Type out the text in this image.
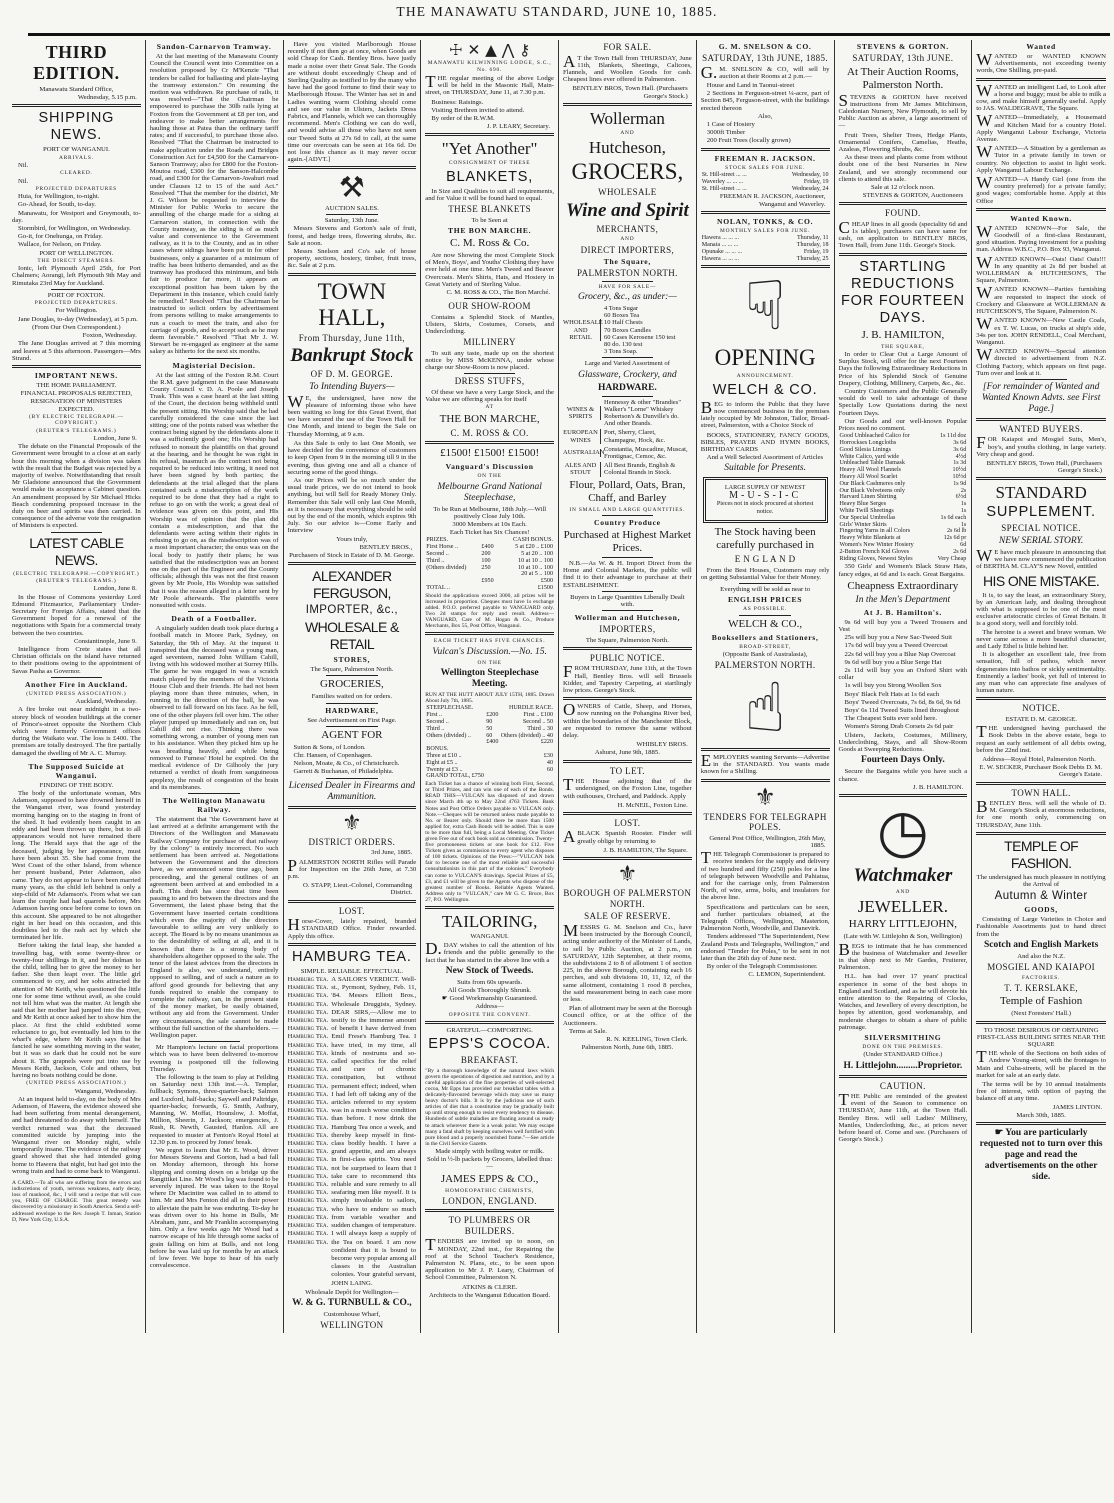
THE MANAWATU STANDARD, JUNE 10, 1885.
THIRD EDITION.
Manawatu Standard Office,
Wednesday, 5.15 p.m.
SHIPPING NEWS.
PORT OF WANGANUI.
ARRIVALS.
Nil.
CLEARED.
Nil.
PROJECTED DEPARTURES
Huia, for Wellington, to-night.
Go-Ahead, for South, to-day.
Manawatu, for Westport and Greymouth, to-day.
Stormbird, for Wellington, on Wednesday.
Go-it, for Onehunga, on Friday.
Wallace, for Nelson, on Friday.
PORT OF WELLINGTON.
THE DIRECT STEAMERS.
Ionic, left Plymouth April 25th, for Port Chalmers; Aorangi, left Plymouth 9th May and Rimutaka 23rd May for Auckland.
PORT OF FOXTON.
PROJECTED DEPARTURES.
For Wellington.
Jane Douglas, to-day (Wednesday), at 5 p.m.
(From Our Own Correspondent.)
Foxton, Wednesday.
The Jane Douglas arrived at 7 this morning and leaves at 5 this afternoon. Passengers—Mrs Strand.
IMPORTANT NEWS.
THE HOME PARLIAMENT.
FINANCIAL PROPOSALS REJECTED,
RESIGNATION OF MINISTERS EXPECTED.
(BY ELECTRIC TELEGRAPH.—COPYRIGHT.)
(REUTER'S TELEGRAMS.)
London, June 9.
The debate on the Financial Proposals of the Government were brought to a close at an early hour this morning when a division was taken with the result that the Budget was rejected by a majority of twelve. Notwithstanding that result Mr Gladstone announced that the Government would make its acceptance a Cabinet question. An amendment proposed by Sir Michael Hicks Beach condemning proposed increase in the duty on beer and spirits was then carried. In consequence of the adverse vote the resignation of Ministers is expected.
LATEST CABLE NEWS.
(ELECTRIC TELEGRAPH.—COPYRIGHT.)
(REUTER'S TELEGRAMS.)
London, June 8.
In the House of Commons yesterday Lord Edmund Fitzmaurice, Parliamentary Under-Secretary for Foreign Affairs, stated that the Government hoped for a renewal of the negotiations with Spain for a commercial treaty between the two countries.
Constantinople, June 9.
Intelligence from Crete states that all Christian officials on the island have returned to their positions owing to the appointment of Savas Pasha as Governor.
Another Fire in Auckland.
(UNITED PRESS ASSOCIATION.)
Auckland, Wednesday.
A fire broke out near midnight in a two-storey block of wooden buildings at the corner of Prince's-street opposite the Northern Club which were formerly Government offices during the Waikato war. The loss is £400. The premises are totally destroyed. The fire partially damaged the dwelling of Mr A. C. Murray.
The Supposed Suicide at Wanganui.
FINDING OF THE BODY.
The body of the unfortunate woman, Mrs Adamson, supposed to have drowned herself in the Wanganui river, was found yesterday morning hanging on to the staging in front of the shed. It had evidently been caught in an eddy and had been thrown up there, but to all appearances would not have remained there long. The Herald says that the age of the deceased, judging by her appearance, must have been about 35. She had come from the West Coast of the other Island, from whence her present husband, Peter Adamson, also came. They do not appear to have been married many years, as the child left behind is only a step-child of Mr Adamson's. From what we can learn the couple had had quarrels before, Mrs Adamson having once before come to town on this account. She appeared to be not altogether right in her head on this occasion, and this doubtless led to the rash act by which she terminated her life.
Before taking the fatal leap, she handed a travelling bag, with some twenty-three or twenty-four shillings in it, and her dolman to the child, telling her to give the money to her father. She then leapt over. The little girl commenced to cry, and her sobs attracted the attention of Mr Keith, who questioned the little one for some time without avail, as she could not tell him what was the matter. At length she said that her mother had jumped into the river, and Mr Keith at once asked her to show him the place. At first the child exhibited some reluctance to go, but eventually led him to the wharf's edge, where Mr Keith says that he fancied he saw something moving in the water, but it was so dark that he could not be sure about it. The grapnels were put into use by Messrs Keith, Jackson, Cole and others, but having no boats nothing could be done.
(UNITED PRESS ASSOCIATION.)
Wanganui, Wednesday.
At an inquest held to-day, on the body of Mrs Adamson, of Hawera, the evidence showed she had been suffering from mental derangement, and had threatened to do away with herself. The verdict returned was that the deceased committed suicide by jumping into the Wanganui river on Monday night, while temporarily insane. The evidence of the railway guard showed that she had intended going home to Hawera that night, but had got into the wrong train and had to come back to Wanganui.
A CARD.—To all who are suffering from the errors and indiscretions of youth, nervous weakness, early decay, loss of manhood, &c., I will send a recipe that will cure you, FREE OF CHARGE. This great remedy was discovered by a missionary in South America. Send a self-addressed envelope to the Rev. Joseph T. Inman, Station D, New York City, U.S.A.
Sandon-Carnarvon Tramway.
At the last meeting of the Manawatu County Council the Council went into Committee on a resolution proposed by Cr M'Kenzie "That tenders be called for ballasting and plate-laying the tramway extension." On resuming the motion was withdrawn. Re purchase of rails, it was resolved—"That the Chairman be empowered to purchase the 30lb rails lying at Foxton from the Government at £8 per ton, and endeavor to make better arrangements for hauling those at Patea than the ordinary tariff rates; and if successful, to purchase those also. Resolved "That the Chairman be instructed to make application under the Roads and Bridges Construction Act for £4,500 for the Carnarvon-Sanson Tramway; also for £800 for the Foxton-Moutoa road, £300 for the Sanson-Halcombe road, and £300 for the Carnarvon-Awahuri road under Clauses 12 to 15 of the said Act." Resolved "That the member for the district, Mr J. G. Wilson be requested to interview the Minister for Public Works to secure the annulling of the charge made for a siding at Carnarvon station, in connection with the County tramway, as the siding is of as much value and convenience to the Government railway, as it is to the County, and as in other cases where sidings have been put in for other businesses, only a guarantee of a minimum of traffic has been hitherto demanded, and as the tramway has produced this minimum, and bids fair to produce far more, it appears an exceptional position has been taken by the Department in this instance, which could fairly be remedied." Resolved "That the Chairman be instructed to solicit orders by advertisement from persons willing to make arrangements to run a coach to meet the train, and also for carriage of goods, and to accept such as he may deem favorable." Resolved "That Mr J. W. Stewart be re-engaged as engineer at the same salary as hitherto for the next six months.
Magisterial Decision.
At the last sitting of the Foxton R.M. Court the R.M. gave judgment in the case Manawatu County Council v. D. A. Poole and Joseph Trask. This was a case heard at the last sitting of the Court, the decision being withheld until the present sitting. His Worship said that he had carefully considered the case since the last sitting; one of the points raised was whether the contract being signed by the defendants alone it was a sufficiently good one; His Worship had refused to nonsuit the plaintiffs on that ground at the hearing, and he thought he was right in his refusal, inasmuch as the contract not being required to be reduced into writing, it need not have been signed by both parties; the defendants at the trial alleged that the plans contained such a misdescription of the work required to be done that they had a right to refuse to go on with the work; a great deal of evidence was given on this point, and His Worship was of opinion that the plan did contain a misdescription, and that the defendants were acting within their rights in refusing to go on, as the misdescription was of a most important character; the onus was on the local body to justify their plans; he was satisfied that the misdescription was an honest one on the part of the Engineer and the County officials; although this was not the first reason given by Mr Poole, His Worship was satisfied that it was the reason alleged in a letter sent by Mr Poole afterwards. The plaintiffs were nonsuited with costs.
Death of a Footballer.
A singularly sudden death took place during a football match in Moore Park, Sydney, on Saturday, the 9th of May. At the inquest it transpired that the deceased was a young man, aged seventeen, named John William Cahill, living with his widowed mother at Surrey Hills. The game he was engaged in was a scratch match played by the members of the Victoria House Club and their friends. He had not been playing more than three minutes, when, in running in the direction of the ball, he was observed to fall forward on his face. As he fell, one of the other players fell over him. The other player jumped up immediately and ran on, but Cahill did not rise. Thinking there was something wrong, a number of young men ran to his assistance. When they picked him up he was breathing heavily, and while being removed to Furness' Hotel he expired. On the medical evidence of Dr Gilhooly the jury returned a verdict of death from sanguineous apoplexy, the result of congestion of the brain and its membranes.
The Wellington Manawatu Railway.
The statement that "the Government have at last arrived at a definite arrangement with the Directors of the Wellington and Manawatu Railway Company for purchase of that railway by the colony" is entirely incorrect. No such settlement has been arrived at. Negotiations between the Government and the directors have, as we announced some time ago, been proceeding, and the general outlines of an agreement been arrived at and embodied in a draft. This draft has since that time been passing to and fro between the directors and the Government, the latest phase being that the Government have inserted certain conditions which even the majority of the directors favourable to selling are very unlikely to accept. The Board is by no means unanimous as to the desirability of selling at all, and it is known that there is a strong body of shareholders altogether opposed to the sale. The tenor of the latest advices from the directors in England is also, we understand, entirely opposed to selling, and of such a nature as to afford good grounds for believing that any funds required to enable the company to complete the railway, can, in the present state of the money market, be easily obtained, without any aid from the Government. Under any circumstances, the sale cannot be made without the full sanction of the shareholders. —Wellington paper.
Mr Hampton's lecture on facial proportions which was to have been delivered to-morrow evening is postponed till the following Thursday.
The following is the team to play at Feilding on Saturday next 13th inst.—A. Templar, fullback; Symons, three-quarter-back; Salmon and Luxford, half-backs; Saywell and Paltridge, quarter-backs; forwards, G. Smith, Astbury, Manning, W. Moffat, Hounslow, J. Moffat, Million, Sheerin, J. Jackson; emergencies, J. Rush, R. Newth, Gausted, Hanlon. All are requested to muster at Fenton's Royal Hotel at 12.30 p.m. to proceed by Jones' break.
We regret to learn that Mr E. Wood, driver for Messrs Stevens and Gorton, had a bad fall on Monday afternoon, through his horse slipping and coming down on a bridge up the Rangitikei Line. Mr Wood's leg was found to be severely injured. He was taken to the Royal where Dr Macintire was called in to attend to him. Mr and Mrs Fenton did all in their power to alleviate the pain he was enduring. To-day he was driven over to his home in Bulls, Mr Abraham, junr., and Mr Franklin accompanying him. Only a few weeks ago Mr Wood had a narrow escape of his life through some sacks of grain falling on him at Bulls, and not long before he was laid up for months by an attack of low fever. We hope to hear of his early convalescence.
Have you visited Marlborough House recently if not then go at once, when Goods are sold Cheap for Cash. Bentley Bros. have justly made a noise over their Great Sale. The Goods are without doubt exceedingly Cheap and of Sterling Quality as testified to by the many who have had the good fortune to find their way to Marlborough House. The Winter has set in and Ladies wanting warm Clothing should come and see our value in Ulsters, Jackets Dress Fabrics, and Flannels, which we can thoroughly recommend. Men's Clothing we can do well, and would advise all those who have not seen our Tweed Suits at 27s 6d to call, at the same time our overcoats can be seen at 16s 6d. Do not lose this chance as it may never occur again.-[ADVT.]
⚒
AUCTION SALES.
Saturday, 13th June.
Messrs Stevens and Gorton's sale of fruit, forest, and hedge trees, flowering shrubs, &c. Sale at noon.
Messrs Snelson and Co's sale of house property, sections, hosiery, timber, fruit trees, &c. Sale at 2 p.m.
TOWN HALL,
From Thursday, June 11th,
Bankrupt Stock
OF D. M. GEORGE.
To Intending Buyers—
WE, the undersigned, have now the pleasure of informing those who have been waiting so long for this Great Event, that we have secured the use of the Town Hall for One Month, and intend to begin the Sale on Thursday Morning, at 9 a.m.
As this Sale is only to last One Month, we have decided for the convenience of customers to keep Open from 9 in the morning till 9 in the evening, thus giving one and all a chance of securing some of the good things.
As our Prices will be so much under the usual trade prices, we do not intend to book anything, but will Sell for Ready Money Only. Remember this Sale will only last One Month, as it is necessary that everything should be sold out by the end of the month, which expires 9th July. So our advice is—Come Early and Interview
Yours truly,
BENTLEY BROS.,
Purchasers of Stock in Estate of D. M. George.
ALEXANDER FERGUSON,
IMPORTER, &c.,
WHOLESALE & RETAIL
STORES,
The Square, Palmerston North.
GROCERIES,
Families waited on for orders.
HARDWARE,
See Advertisement on First Page.
AGENT FOR
Sutton & Sons, of London.
Chr. Hansen, of Copenhagen.
Nelson, Moate, & Co., of Christchurch.
Garrett & Buchanan, of Philadelphia.
Licensed Dealer in Firearms and Ammunition.
⚜
DISTRICT ORDERS.
3rd June, 1885.
PALMERSTON NORTH Rifles will Parade for Inspection on the 26th June, at 7.30 p.m.
O. STAPP, Lieut.-Colonel, Commanding District.
LOST.
Horse-Cover, lately repaired, branded STANDARD Office. Finder rewarded. Apply this office.
HAMBURG TEA.
SIMPLE. RELIABLE. EFFECTUAL.
Hamburg Tea.
Hamburg Tea.
Hamburg Tea.
Hamburg Tea.
Hamburg Tea.
Hamburg Tea.
Hamburg Tea.
Hamburg Tea.
Hamburg Tea.
Hamburg Tea.
Hamburg Tea.
Hamburg Tea.
Hamburg Tea.
Hamburg Tea.
Hamburg Tea.
Hamburg Tea.
Hamburg Tea.
Hamburg Tea.
Hamburg Tea.
Hamburg Tea.
Hamburg Tea.
Hamburg Tea.
Hamburg Tea.
Hamburg Tea.
Hamburg Tea.
Hamburg Tea.
Hamburg Tea.
Hamburg Tea.
Hamburg Tea.
Hamburg Tea.
Hamburg Tea.
Hamburg Tea.
Hamburg Tea.
A SAILOR'S VERDICT. Well-st., Pyrmont, Sydney, Feb. 11, '84. Messrs Elliott Bros., Wholesale Druggists, Sydney. DEAR SIRS,—Allow me to testify to the immense amount of benefit I have derived from Emil Frese's Hamburg Tea. I have tried, in my time, all kinds of nostrums and so-called specifics for the relief and cure of chronic constipation, but without permanent effect; indeed, when I had left off taking any of the articles referred to my system was in a much worse condition than before. I now drink the Hamburg Tea once a week, and thereby keep myself in first-class bodily health. I have a grand appetite, and am always in first-class spirits. You need not be surprised to learn that I take care to recommend this reliable and sure remedy to all seafaring men like myself. It is simply invaluable to sailors, who have to endure so much from variable weather and sudden changes of temperature. I will always keep a supply of the Tea on board. I am now confident that it is bound to become very popular among all classes in the Australian colonies. Your grateful servant, JOHN LAING.
Wholesale Depôt for Wellington—
W. & G. TURNBULL & CO.,
Customhouse Wharf,
WELLINGTON
☩ ✕ ▲ ⋀ ⚷
MANAWATU KILWINNING LODGE, S.C., No. 690.
THE regular meeting of the above Lodge will be held in the Masonic Hall, Main-street, on THURSDAY, June 11, at 7.30 p.m.
Business: Raisings.
Visiting Brethren invited to attend.
By order of the R.W.M.
J. P. LEARY, Secretary.
"Yet Another"
CONSIGNMENT OF THESE
BLANKETS,
In Size and Qualities to suit all requirements, and for Value it will be found hard to equal.
THESE BLANKETS
To be Seen at
THE BON MARCHE.
C. M. Ross & Co.
Are now Showing the most Complete Stock of Men's, Boys', and Youths' Clothing they have ever held at one time. Men's Tweed and Beaver Overcoats. Men's Shirts, Hats, and Hosiery in Great Variety and of Sterling Value.
C. M. ROSS & CO., The Bon Marché.
OUR SHOW-ROOM
Contains a Splendid Stock of Mantles, Ulsters, Skirts, Costumes, Corsets, and Underclothing.
MILLINERY
To suit any taste, made up on the shortest notice by MISS McKENNA, under whose charge our Show-Room is now placed.
DRESS STUFFS,
Of these we have a very Large Stock, and the Value we are offering speaks for itself
AT
THE BON MARCHE,
C. M. ROSS & CO.
£1500! £1500! £1500!
Vanguard's Discussion
ON THE
Melbourne Grand National Steeplechase,
To be Run at Melbourne, 18th July.—Will positively Close July 10th.
3000 Members at 10s Each.
Each Ticket has Six Chances!
PRIZES.		CASH BONUS.
First Horse ..	£400	5 at £20 .. £100
Second ..	200	5 at 20 .. 100
Third ..	100	10 at 10 .. 100
(Others divided)	250	10 at 10 .. 100
		20 at 5 .. 100
	£950	£500
TOTAL ..		£1500
Should the applications exceed 3000, all prizes will be increased in proportion. Cheques must have 1s exchange added. P.O.O. preferred payable to VANGUARD only. Two 2d stamps for reply and result. Address—VANGUARD, Care of M. Hogan & Co., Produce Merchants, Box 55, Post Office, Wanganui.
EACH TICKET HAS FIVE CHANCES.
Vulcan's Discussion.—No. 15.
ON THE
Wellington Steeplechase Meeting.
RUN AT THE HUTT ABOUT JULY 15TH, 1885. Drawn About July 7th, 1885.
STEEPLECHASE.		HURDLE RACE.
First ..	£200	First .. £100
Second ..	90	Second .. 50
Third ..	50	Third .. 30
Others (divided) ..	60	Others (divided) .. 40
	£400	£220
BONUS.		
Three at £10 ..		£30
Eight at £5 ..		40
Twenty at £3 ..		60
GRAND TOTAL, £750		
Each Ticket has a chance of winning both First, Second, or Third Prizes, and can win one of each of the Bonds. READ THIS—VULCAN has disposed of and drawn since March 4th up to May 22nd 4763 Tickets. Bank Notes and Post Office Orders payable to VULCAN only. Note.—Cheques will be returned unless made payable to No. or Bearer only. Should there be more than 1500 applied for, extra Cash Bonds will be added. This is sure to be more than full, being a Local Meeting. One Ticket given Free out of each book sold as commission. Twenty-five promoneness tickets or one book for £12. Five Tickets given as commission to every agent who disposes of 100 tickets. Opinions of the Press:—"VULCAN bids fair to become one of the most reliable and successful consultationists in this part of the colonies." Everybody can come to VULCAN'S drawings. Special Prizes of £5, £3, and £1 will be given to the Agents who dispose of the greatest number of Books. Reliable Agents Wanted. Address only to "VULCAN," care Mr G. C. Bruce, Box 27, P.O. Wellington.
TAILORING,
WANGANUI.
D.DAY wishes to call the attention of his friends and the public generally to the fact that he has started in the above line with a
New Stock of Tweeds.
Suits from 60s upwards.
All Goods Thoroughly Shrunk.
☛ Good Workmanship Guaranteed.
Address—
OPPOSITE THE CONVENT.
GRATEFUL—COMFORTING.
EPPS'S COCOA.
BREAKFAST.
"By a thorough knowledge of the natural laws which govern the operations of digestion and nutrition, and by a careful application of the fine properties of well-selected cocoa, Mr Epps has provided our breakfast tables with a delicately-flavoured beverage which may save us many heavy doctor's bills. It is by the judicious use of such articles of diet that a constitution may be gradually built up until strong enough to resist every tendency to disease. Hundreds of subtle maladies are floating around us ready to attack wherever there is a weak point. We may escape many a fatal shaft by keeping ourselves well fortified with pure blood and a properly nourished frame."—See article in the Civil Service Gazette.
Made simply with boiling water or milk.
Sold in ½-lb packets by Grocers, labelled thus:—
JAMES EPPS & CO.,
HOMOEOPATHIC CHEMISTS,
LONDON, ENGLAND.
TO PLUMBERS OR BUILDERS.
TENDERS are invited up to noon, on MONDAY, 22nd inst., for Repairing the roof at the School Teacher's Residence, Palmerston N. Plans, etc., to be seen upon application to Mr J. P. Leary, Chairman of School Committee, Palmerston N.
ATKINS & CLERE.
Architects to the Wanganui Education Board.
FOR SALE.
AT the Town Hall from THURSDAY, June 11th, Blankets, Sheetings, Calicoes, Flannels, and Woollen Goods for cash. Cheapest lines ever offered in Palmerston.
BENTLEY BROS, Town Hall. (Purchasers George's Stock.)
Wollerman
AND
Hutcheson,
GROCERS,
WHOLESALE
Wine and Spirit
MERCHANTS,
AND
DIRECT IMPORTERS,
The Square,
PALMERSTON NORTH.
HAVE FOR SALE—
Grocery, &c., as under:—
WHOLESALE AND RETAIL
4 Tons Sugar
60 Boxes Tea
10 Half Chests
70 Boxes Candles
60 Cases Kerosene 150 test
80 do. 130 test
3 Tons Soap.
Large and Varied Assortment of
Glassware, Crockery, and
HARDWARE.
WINES & SPIRITS
Hennessy & other "Brandies"
Walker's "Lorne" Whiskey
Robertson's & Dunville's do.
And other Brands.
EUROPEAN WINES
Port, Sherry, Claret,
Champagne, Hock, &c.
AUSTRALIAN
Constantia, Muscadine, Muscat, Frontignac, Cemoc, &c.
ALES AND STOUT
All Best Brands, English &
Colonial Brands in Stock.
Flour, Pollard, Oats, Bran, Chaff, and Barley
IN SMALL AND LARGE QUANTITIES.
Country Produce
Purchased at Highest Market Prices.
N.B.—As W. & H. Import Direct from the Home and Colonial Markets, the public will find it to their advantage to purchase at their ESTABLISHMENT.
Buyers in Large Quantities Liberally Dealt with.
Wollerman and Hutcheson,
IMPORTERS,
The Square, Palmerston North.
PUBLIC NOTICE.
FROM THURSDAY, June 11th, at the Town Hall, Bentley Bros. will sell Brussels Kidder, and Tapestry Carpeting, at startlingly low prices. George's Stock.
OWNERS of Cattle, Sheep, and Horses, now running on the Pohangina River bed, within the boundaries of the Manchester Block, are requested to remove the same without delay.
WHIBLEY BROS.
Ashurst, June 9th, 1885.
TO LET.
THE House adjoining that of the undersigned, on the Foxton Line, together with outhouses, Orchard, and Paddock. Apply
H. McNEIL, Foxton Line.
LOST.
ABLACK Spanish Rooster. Finder will greatly oblige by returning to
J. B. HAMILTON, The Square.
⚜
BOROUGH OF PALMERSTON NORTH.
SALE OF RESERVE.
MESSRS G. M. Snelson and Co., have been instructed by the Borough Council, acting under authority of the Minister of Lands, to sell by Public Auction, at 2 p.m., on SATURDAY, 12th September, at their rooms, the subdivisions 2 to 8 of allotment 1 of section 225, in the above Borough, containing each 16 perches, and sub divisions 10, 11, 12, of the same allotment, containing 1 rood 8 perches, the said measurement being in each case more or less.
Plan of allotment may be seen at the Borough Council office, or at the office of the Auctioneers.
Terms at Sale.
R. N. KEELING, Town Clerk.
Palmerston North, June 6th, 1885.
G. M. SNELSON & CO.
SATURDAY, 13th JUNE, 1885.
G.M. SNELSON & CO, will sell by auction at their Rooms at 2 p.m.—
House and Land in Taonui-street
2 Sections in Ferguson-street ¼-acre, part of Section 845, Ferguson-street, with the buildings erected thereon
Also,
1 Case of Hosiery
3000ft Timber
200 Fruit Trees (locally grown)
FREEMAN R. JACKSON.
STOCK SALES FOR JUNE.
St. Hill-street ... ...	Wednesday, 10
Waverley ... ... ...	Friday, 19
St. Hill-street ... ...	Wednesday, 24
FREEMAN R. JACKSON, Auctioneer, Wanganui and Waverley.
NOLAN, TONKS, & CO.
MONTHLY SALES FOR JUNE.
Hawera ... ... ...	Thursday, 11
Manaia ... ... ...	Thursday, 18
Opunake ... ... ...	Friday, 19
Hawera ... ... ...	Thursday, 25
☟
OPENING
ANNOUNCEMENT.
WELCH & CO.
BEG to inform the Public that they have now commenced business in the premises lately occupied by Mr Johnston, Tailor, Broad-street, Palmerston, with a Choice Stock of
BOOKS, STATIONERY, FANCY GOODS, BIBLES, PRAYER AND HYMN BOOKS, BIRTHDAY CARDS
And a Well Selected Assortment of Articles
Suitable for Presents.
LARGE SUPPLY OF NEWEST
M-U-S-I-C
Pieces not in stock procured at shortest notice.
The Stock having been carefully purchased in
E N G L A N D
From the Best Houses, Customers may rely on getting Substantial Value for their Money.
Everything will be sold as near to
ENGLISH PRICES
AS POSSIBLE.
WELCH & CO.,
Booksellers and Stationers,
BROAD-STREET,
(Opposite Bank of Australasia),
PALMERSTON NORTH.
☝
EMPLOYERS wanting Servants—Advertise in the STANDARD. You wants made known for a Shilling.
⚜
TENDERS FOR TELEGRAPH POLES.
General Post Office, Wellington, 26th May, 1885.
THE Telegraph Commissioner is prepared to receive tenders for the supply and delivery of two hundred and fifty (250) poles for a line of telegraph between Woodville and Pahiatua, and for the carriage only, from Palmerston North, of wire, arms, bolts, and insulators for the above line.
Specifications and particulars can be seen, and further particulars obtained, at the Telegraph Offices, Wellington, Masterton, Palmerston North, Woodville, and Danevirk.
Tenders addressed "The Superintendent, New Zealand Posts and Telegraphs, Wellington," and endorsed "Tender for Poles," to be sent in not later than the 26th day of June next.
By order of the Telegraph Commissioner.
C. LEMON, Superintendent.
STEVENS & GORTON.
SATURDAY, 13th JUNE.
At Their Auction Rooms, Palmerston North.
STEVENS & GORTON have received instructions from Mr James Mitchinson, Caledonian Nursery, New Plymouth, to sell by Public Auction as above, a large assortment of—
Fruit Trees, Shelter Trees, Hedge Plants, Ornamental Conifers, Camelias, Heaths, Azaleas, Flowering Shrubs, &c.
As these trees and plants come from without doubt one of the best Nurseries in New Zealand, and we strongly recommend our clients to attend this sale.
Sale at 12 o'clock noon.
STEVENS & GORTON, Auctioneers
FOUND.
CHEAP lines in all goods (speciality 6d and 1s tables), purchasers can have same for cash, on application to BENTLEY BROS, Town Hall, from June 11th. George's Stock.
STARTLING REDUCTIONS FOR FOURTEEN DAYS.
J. B. HAMILTON,
THE SQUARE,
In order to Clear Out a Large Amount of Surplus Stock, will offer for the next Fourteen Days the following Extraordinary Reductions in Price of his Splendid Stock of Genuine Drapery, Clothing, Millinery, Carpets, &c., &c.
Country Customers and the Public Generally would do well to take advantage of these Specially Low Quotations during the next Fourteen Days.
Our Goods and our well-known Popular Prices need no comment.
Good Unbleached Calico for	1s 11d doz
Horrockses Longcloths	3s 6d
Good Silesia Linings	3s 6d
White Calico, yard wide	4½d
Unbleached Table Damask	1s 3d
Heavy All Wool Flannels	10½d
Heavy All Wool Scarlet	10½d
Our Black Cashmeres only	1s 9d
Our Black Velveteens only	2s
Harvard Linen Shirting	6½d
Heavy Blue Serges	1s
White Twill Sheetings	1s
Our Special Umbrellas	1s 6d each
Girls' Winter Skirts	1s
Fingering Yarns in all Colors	2s 6d lb
Heavy White Blankets at	12s 6d pr
Women's New Winter Hosiery	6d
2-Button French Kid Gloves	2s 6d
Riding Gloves, Newest Styles	Very Cheap
350 Girls' and Women's Black Straw Hats, fancy edges, at 6d and 1s each. Great Bargains.
Cheapness Extraordinary
In the Men's Department
At J. B. Hamilton's.
9s 6d will buy you a Tweed Trousers and Vest
25s will buy you a New Sac-Tweed Suit
17s 6d will buy you a Tweed Overcoat
22s 6d will buy you a Blue Nap Overcoat
9s 6d will buy you a Blue Serge Hat
2s 11d will buy you an Oxford Shirt with collar
1s will buy you Strong Woollen Sox
Boys' Black Felt Hats at 1s 6d each
Boys' Tweed Overcoats, 7s 6d, 8s 6d, 9s 6d
Boys' 6s 11d Tweed Suits lined throughout
The Cheapest Suits ever sold here.
Women's Strong Drab Corsets 2s 6d pair
Ulsters, Jackets, Costumes, Millinery, Underclothing, Stays, and all Show-Room Goods at Sweeping Reductions.
Fourteen Days Only.
Secure the Bargains while you have such a chance.
J. B. HAMILTON.
◷
Watchmaker
AND
JEWELLER.
HARRY LITTLEJOHN,
(Late with W. Littlejohn & Son, Wellington)
BEGS to intimate that he has commenced the business of Watchmaker and Jeweller in that shop next to Mr Gardes, Fruiterer, Palmerston.
H.L. has had over 17 years' practical experience in some of the best shops in England and Scotland, and as he will devote his entire attention to the Repairing of Clocks, Watches, and Jewellery of every description, he hopes by attention, good workmanship, and moderate charges to obtain a share of public patronage.
SILVERSMITHING
DONE ON THE PREMISES.
(Under STANDARD Office.)
H. Littlejohn.........Proprietor.
CAUTION.
THE Public are reminded of the greatest event of the Season to commence on THURSDAY, June 11th, at the Town Hall. Bentley Bros. will sell Ladies' Millinery, Mantles, Underclothing, &c., at prices never before heard of. Come and see. (Purchasers of George's Stock.)
Wanted
WANTED or WANTED KNOWN Advertisements, not exceeding twenty words, One Shilling, pre-paid.
WANTED an intelligent Lad, to Look after a horse and buggy; must be able to milk a cow, and make himself generally useful. Apply to JAS. WALDEGRAVE, The Square.
WANTED—Immediately, a Housemaid and Kitchen Maid for a country Hotel. Apply Wanganui Labour Exchange, Victoria Avenue.
WANTED—A Situation by a gentleman as Tutor in a private family in town or country. No objection to assist in light work. Apply Wanganui Labour Exchange.
WANTED—A Handy Girl (one from the country preferred) for a private family; good wages; comfortable home. Apply at this Office
Wanted Known.
WANTED KNOWN—For Sale, the Goodwill of a first-class Restaurant, good situation. Paying investment for a pushing man. Address W.B.C., P.O. Box 93, Wanganui.
WANTED KNOWN—Oats! Oats! Oats!!! In any quantity at 2s 8d per bushel at WOLLERMAN & HUTCHESON'S, The Square, Palmerston.
WANTED KNOWN—Parties furnishing are requested to inspect the stock of Crockery and Glassware at WOLLERMAN & HUTCHESON'S, The Square, Palmerston N.
WANTED KNOWN—New Castle Coals, ex T. W. Lucas, on trucks at ship's side, 34s per ton. JOHN RENDELL, Coal Merchant, Wanganui.
WANTED KNOWN—Special attention directed to advertisement from N.Z. Clothing Factory, which appears on first page. Turn over and look at it.
[For remainder of Wanted and Wanted Known Advts. see First Page.]
WANTED BUYERS.
FOR Kaiapoi and Mosgiel Suits, Men's, boy's, and youths clothing, in large variety. Very cheap and good.
BENTLEY BROS, Town Hall, (Purchasers George's Stock.)
STANDARD
SUPPLEMENT.
SPECIAL NOTICE.
NEW SERIAL STORY.
WE have much pleasure in announcing that we have now commenced the publication of BERTHA M. CLAY'S new Novel, entitled
HIS ONE MISTAKE.
It is, to say the least, an extraordinary Story, by an American lady, and dealing throughout with what is supposed to be one of the most exclusive aristocratic circles of Great Britain. It is a good story, well and forcibly told.
The heroine is a sweet and brave woman. We never came across a more beautiful character, and Lady Ethel is little behind her.
It is altogether an excellent tale, free from sensation, full of pathos, which never degenerates into bathos or sickly sentimentality. Eminently a ladies' book, yet full of interest to any man who can appreciate fine analyses of human nature.
NOTICE.
ESTATE D. M. GEORGE.
THE undersigned having purchased the Book Debts in the above estate, begs to request an early settlement of all debts owing, before the 22nd inst.
Address—Royal Hotel, Palmerston North.
E. W. SECKER, Purchaser Book Debts D. M. George's Estate.
TOWN HALL.
BENTLEY Bros. will sell the whole of D. M. George's Stock at enormous reductions, for one month only, commencing on THURSDAY, June 11th.
TEMPLE OF FASHION.
The undersigned has much pleasure in notifying the Arrival of
Autumn & Winter
GOODS,
Consisting of Large Varieties in Choice and Fashionable Assortments just to hand direct from the
Scotch and English Markets
And also the N.Z.
MOSGIEL AND KAIAPOI
FACTORIES.
T. T. KERSLAKE,
Temple of Fashion
(Next Foresters' Hall.)
TO THOSE DESIROUS OF OBTAINING FIRST-CLASS BUILDING SITES NEAR THE SQUARE
THE whole of the Sections on both sides of Andrew Young-street, with the frontages to Main and Cuba-streets, will be placed in the market for sale at an early date.
The terms will be by 10 annual instalments free of interest, with option of paying the balance off at any time.
JAMES LINTON.
March 30th, 1885.
☛ You are particularly requested not to turn over this page and read the advertisements on the other side.
